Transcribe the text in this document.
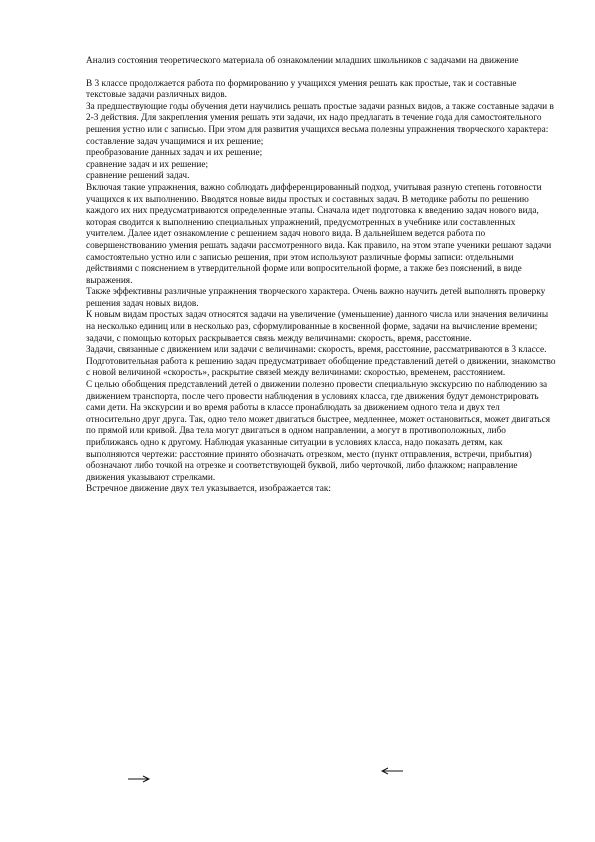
Анализ состояния теоретического материала об ознакомлении младших школьников с задачами на движение

В 3 классе продолжается работа по формированию у учащихся умения решать как простые, так и составные текстовые задачи различных видов.

За предшествующие годы обучения дети научились решать простые задачи разных видов, а также составные задачи в 2-3 действия. Для закрепления умения решать эти задачи, их надо предлагать в течение года для самостоятельного решения устно или с записью. При этом для развития учащихся весьма полезны упражнения творческого характера:

составление задач учащимися и их решение;

преобразование данных задач и их решение;

сравнение задач и их решение;

сравнение решений задач.

Включая такие упражнения, важно соблюдать дифференцированный подход, учитывая разную степень готовности учащихся к их выполнению. Вводятся новые виды простых и составных задач. В методике работы по решению каждого их них предусматриваются определенные этапы. Сначала идет подготовка к введению задач нового вида, которая сводится к выполнению специальных упражнений, предусмотренных в учебнике или составленных учителем. Далее идет ознакомление с решением задач нового вида. В дальнейшем ведется работа по совершенствованию умения решать задачи рассмотренного вида. Как правило, на этом этапе ученики решают задачи самостоятельно устно или с записью решения, при этом используют различные формы записи: отдельными действиями с пояснением в утвердительной форме или вопросительной форме, а также без пояснений, в виде выражения.

Также эффективны различные упражнения творческого характера. Очень важно научить детей выполнять проверку решения задач новых видов.

К новым видам простых задач относятся задачи на увеличение (уменьшение) данного числа или значения величины на несколько единиц или в несколько раз, сформулированные в косвенной форме, задачи на вычисление времени; задачи, с помощью которых раскрывается связь между величинами: скорость, время, расстояние.

Задачи, связанные с движением или задачи с величинами: скорость, время, расстояние, рассматриваются в 3 классе.

Подготовительная работа к решению задач предусматривает обобщение представлений детей о движении, знакомство с новой величиной «скорость», раскрытие связей между величинами: скоростью, временем, расстоянием.

С целью обобщения представлений детей о движении полезно провести специальную экскурсию по наблюдению за движением транспорта, после чего провести наблюдения в условиях класса, где движения будут демонстрировать сами дети. На экскурсии и во время работы в классе пронаблюдать за движением одного тела и двух тел относительно друг друга. Так, одно тело может двигаться быстрее, медленнее, может остановиться, может двигаться по прямой или кривой. Два тела могут двигаться в одном направлении, а могут в противоположных, либо приближаясь одно к другому. Наблюдая указанные ситуации в условиях класса, надо показать детям, как выполняются чертежи: расстояние принято обозначать отрезком, место (пункт отправления, встречи, прибытия) обозначают либо точкой на отрезке и соответствующей буквой, либо черточкой, либо флажком; направление движения указывают стрелками.

Встречное движение двух тел указывается, изображается так:
